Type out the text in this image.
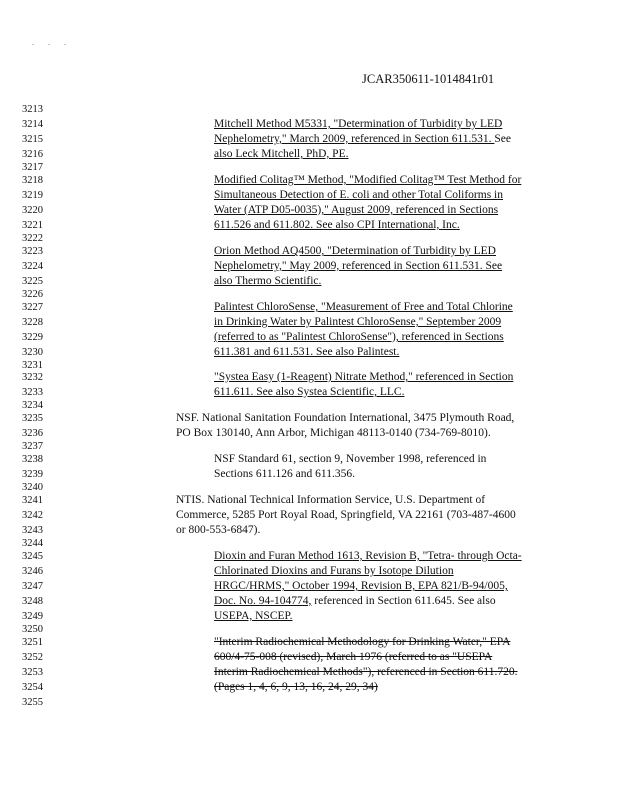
. . .
JCAR350611-1014841r01
3213
3214
3215
3216
3217
3218
3219
3220
3221
3222
3223
3224
3225
3226
3227
3228
3229
3230
3231
3232
3233
3234
3235
3236
3237
3238
3239
3240
3241
3242
3243
3244
3245
3246
3247
3248
3249
3250
3251
3252
3253
3254
3255
Mitchell Method M5331, "Determination of Turbidity by LED
Nephelometry," March 2009, referenced in Section 611.531. See
also Leck Mitchell, PhD, PE.
Modified Colitag™ Method, "Modified Colitag™ Test Method for
Simultaneous Detection of E. coli and other Total Coliforms in
Water (ATP D05-0035)," August 2009, referenced in Sections
611.526 and 611.802. See also CPI International, Inc.
Orion Method AQ4500, "Determination of Turbidity by LED
Nephelometry," May 2009, referenced in Section 611.531. See
also Thermo Scientific.
Palintest ChloroSense, "Measurement of Free and Total Chlorine
in Drinking Water by Palintest ChloroSense," September 2009
(referred to as "Palintest ChloroSense"), referenced in Sections
611.381 and 611.531. See also Palintest.
"Systea Easy (1-Reagent) Nitrate Method," referenced in Section
611.611. See also Systea Scientific, LLC.
NSF. National Sanitation Foundation International, 3475 Plymouth Road,
PO Box 130140, Ann Arbor, Michigan 48113-0140 (734-769-8010).
NSF Standard 61, section 9, November 1998, referenced in
Sections 611.126 and 611.356.
NTIS. National Technical Information Service, U.S. Department of
Commerce, 5285 Port Royal Road, Springfield, VA 22161 (703-487-4600
or 800-553-6847).
Dioxin and Furan Method 1613, Revision B, "Tetra- through Octa-
Chlorinated Dioxins and Furans by Isotope Dilution
HRGC/HRMS," October 1994, Revision B, EPA 821/B-94/005,
Doc. No. 94-104774, referenced in Section 611.645. See also
USEPA, NSCEP.
"Interim Radiochemical Methodology for Drinking Water," EPA
600/4-75-008 (revised), March 1976 (referred to as "USEPA
Interim Radiochemical Methods"), referenced in Section 611.720.
(Pages 1, 4, 6, 9, 13, 16, 24, 29, 34)
